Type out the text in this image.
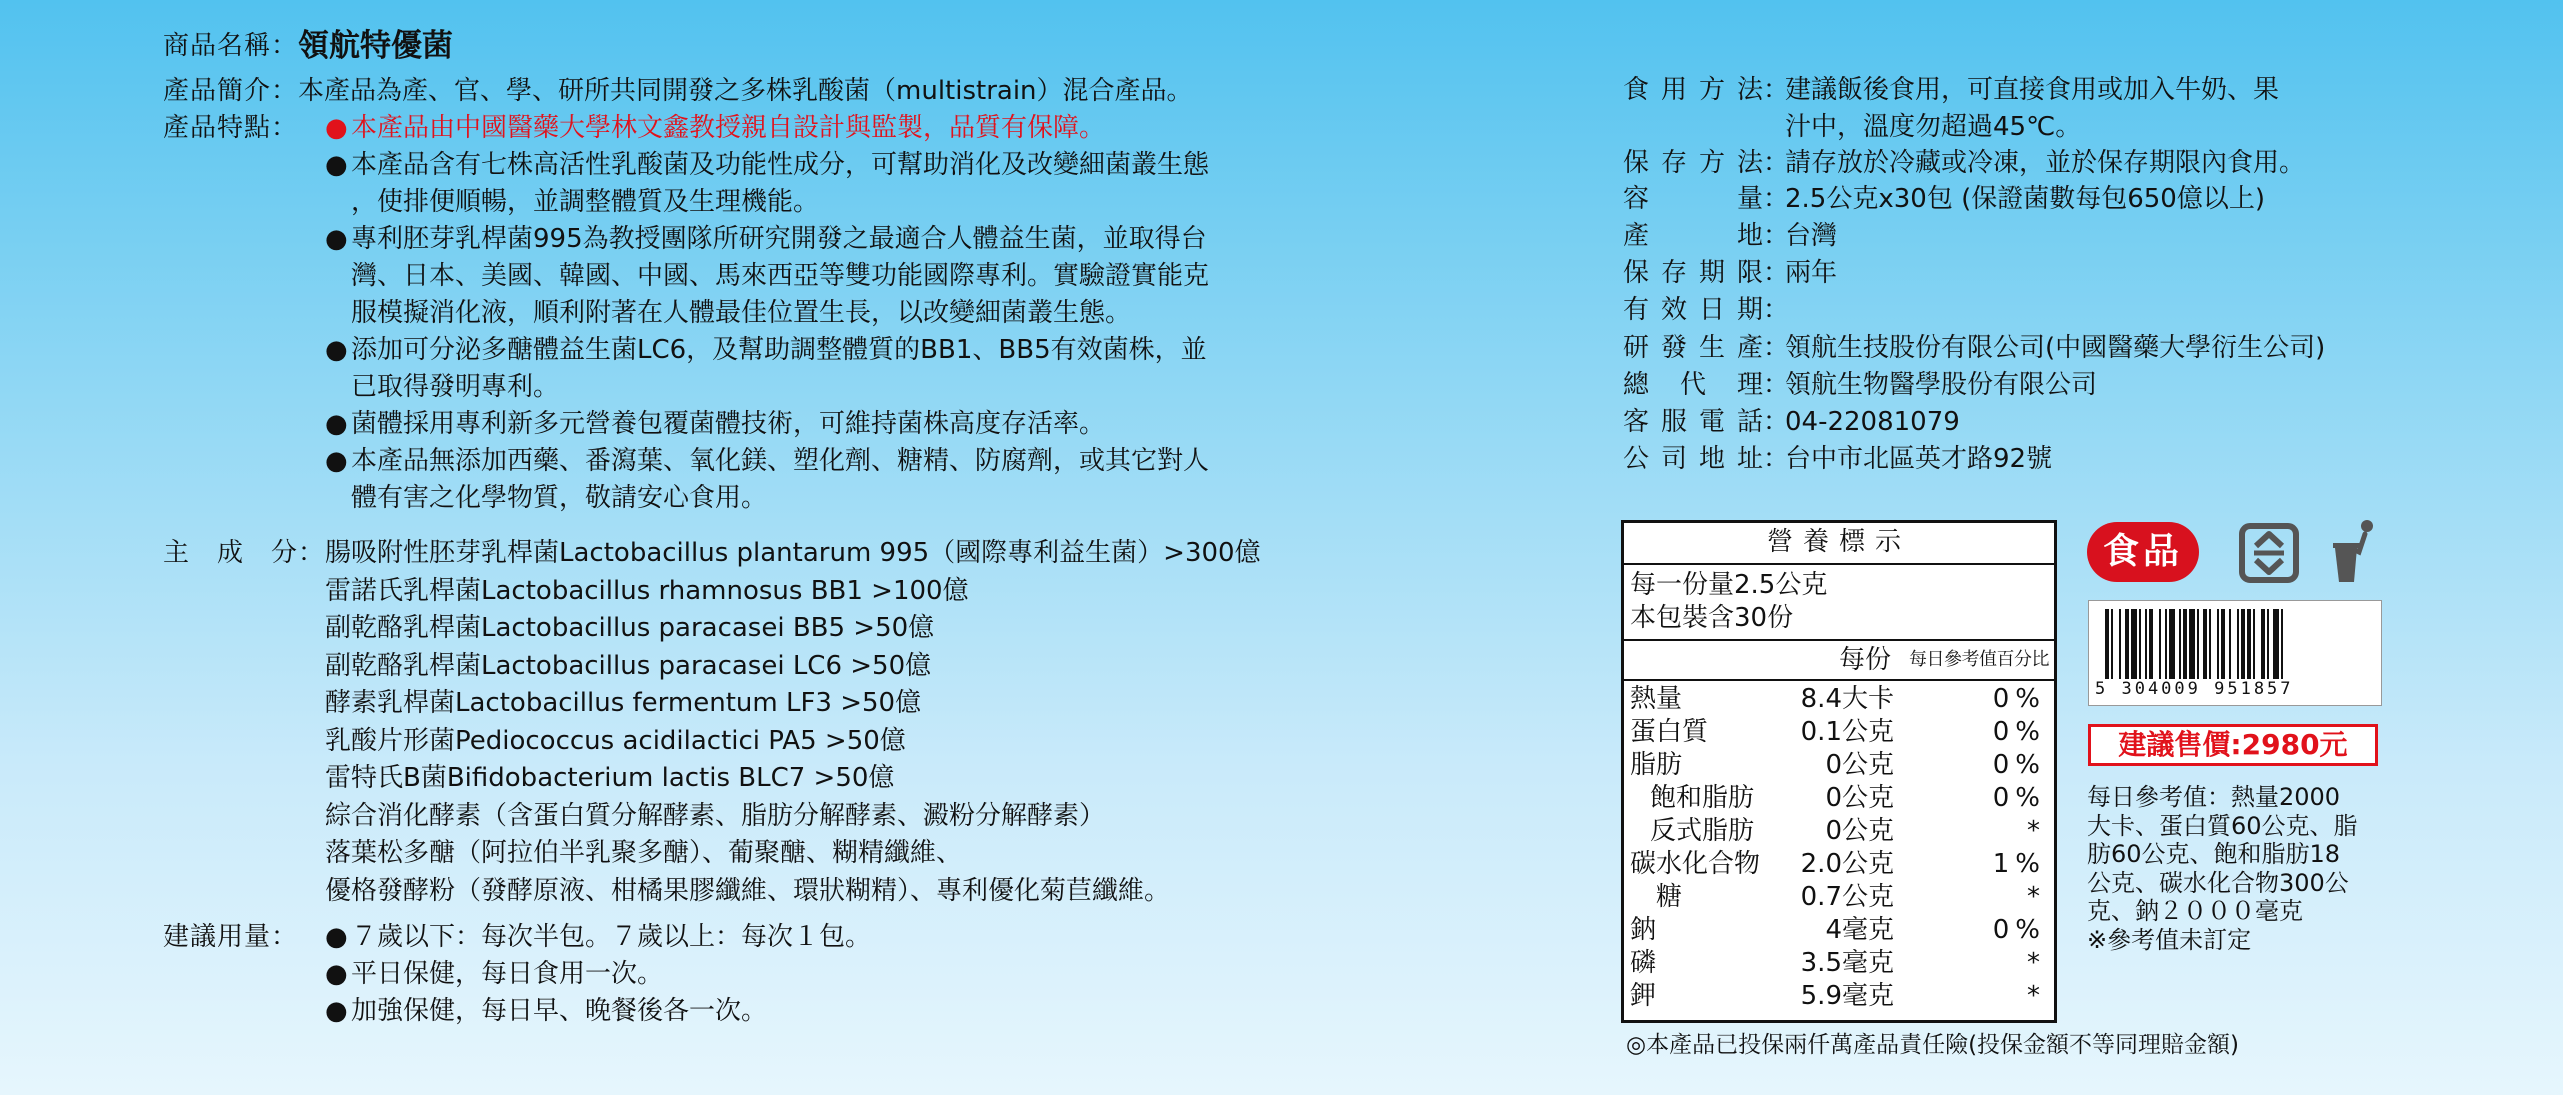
商品名稱： 領航特優菌
產品簡介： 本產品為產、官、學、研所共同開發之多株乳酸菌（multistrain）混合產品。
產品特點： ● 本產品由中國醫藥大學林文鑫教授親自設計與監製，品質有保障。
● 本產品含有七株高活性乳酸菌及功能性成分，可幫助消化及改變細菌叢生態
，使排便順暢，並調整體質及生理機能。
● 專利胚芽乳桿菌995為教授團隊所研究開發之最適合人體益生菌，並取得台
灣、日本、美國、韓國、中國、馬來西亞等雙功能國際專利。實驗證實能克
服模擬消化液，順利附著在人體最佳位置生長，以改變細菌叢生態。
● 添加可分泌多醣體益生菌LC6，及幫助調整體質的BB1、BB5有效菌株，並
已取得發明專利。
● 菌體採用專利新多元營養包覆菌體技術，可維持菌株高度存活率。
● 本產品無添加西藥、番瀉葉、氧化鎂、塑化劑、糖精、防腐劑，或其它對人
體有害之化學物質，敬請安心食用。
主　成　分： 腸吸附性胚芽乳桿菌Lactobacillus plantarum 995（國際專利益生菌）>300億
雷諾氏乳桿菌Lactobacillus rhamnosus BB1 >100億
副乾酪乳桿菌Lactobacillus paracasei BB5 >50億
副乾酪乳桿菌Lactobacillus paracasei LC6 >50億
酵素乳桿菌Lactobacillus fermentum LF3 >50億
乳酸片形菌Pediococcus acidilactici PA5 >50億
雷特氏B菌Bifidobacterium lactis BLC7 >50億
綜合消化酵素（含蛋白質分解酵素、脂肪分解酵素、澱粉分解酵素）
落葉松多醣（阿拉伯半乳聚多醣）、葡聚醣、糊精纖維、
優格發酵粉（發酵原液、柑橘果膠纖維、環狀糊精）、專利優化菊苣纖維。
建議用量： ● ７歲以下：每次半包。７歲以上：每次１包。
● 平日保健，每日食用一次。
● 加強保健，每日早、晚餐後各一次。
食 用 方 法 ：
建議飯後食用，可直接食用或加入牛奶、果
汁中，溫度勿超過45℃。
保 存 方 法 ：
請存放於冷藏或冷凍，並於保存期限內食用。
容	量 ：
2.5公克x30包 (保證菌數每包650億以上)
產	地 ：
台灣
保 存 期 限 ：
兩年
有 效 日 期 ：
研 發 生 產 ：
領航生技股份有限公司(中國醫藥大學衍生公司)
總 代 理 ：
領航生物醫學股份有限公司
客 服 電 話 ：
04-22081079
公 司 地 址 ：
台中市北區英才路92號
營養標示
每一份量2.5公克
本包裝含30份
每份 每日參考值百分比
熱量	8.4大卡	0%
蛋白質	0.1公克	0%
脂肪	0公克	0%
飽和脂肪	0公克	0%
反式脂肪	0公克	*
碳水化合物 2.0公克	1%
糖	0.7公克	*
鈉	4毫克	0%
磷	3.5毫克	*
鉀	5.9毫克	*
食品
5 304009 951857
建議售價:2980元
每日參考值：熱量2000
大卡、蛋白質60公克、脂
肪60公克、飽和脂肪18
公克、碳水化合物300公
克、鈉２０００毫克
※參考值未訂定
◎本產品已投保兩仟萬產品責任險(投保金額不等同理賠金額)
